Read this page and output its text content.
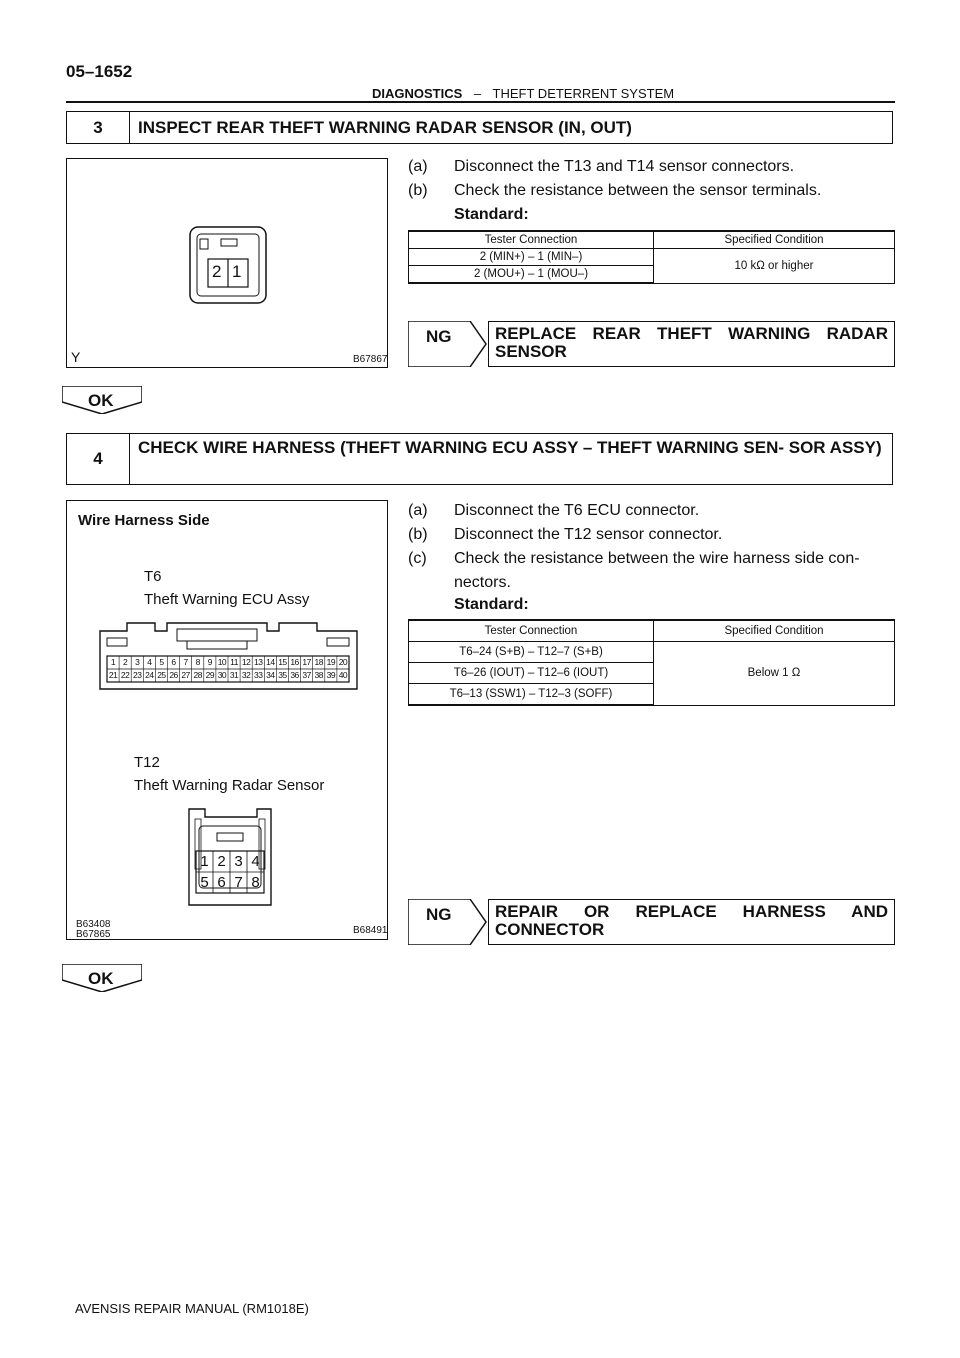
05–1652
DIAGNOSTICS – THEFT DETERRENT SYSTEM
3	INSPECT REAR THEFT WARNING RADAR SENSOR (IN, OUT)
2 1
Y	B67867
(a) Disconnect the T13 and T14 sensor connectors.
(b) Check the resistance between the sensor terminals.
Standard:
Tester Connection	Specified Condition
2 (MIN+) – 1 (MIN–)	10 kΩ or higher
2 (MOU+) – 1 (MOU–)	
NG	REPLACE REAR THEFT WARNING RADAR SENSOR
OK
4
CHECK WIRE HARNESS (THEFT WARNING ECU ASSY – THEFT WARNING SEN- SOR ASSY)
Wire Harness Side
T6
Theft Warning ECU Assy
1 2 3 4 5 6 7 8 9 10 11 12 13 14 15 16 17 18 19 20
21 22 23 24 25 26 27 28 29 30 31 32 33 34 35 36 37 38 39 40
1 2 3 4
5 6 7 8
T12
Theft Warning Radar Sensor
B63408
B67865	B68491
(a) Disconnect the T6 ECU connector.
(b) Disconnect the T12 sensor connector.
(c) Check the resistance between the wire harness side con-
nectors.
Standard:
Tester Connection	Specified Condition
T6–24 (S+B) – T12–7 (S+B)	Below 1 Ω
T6–26 (IOUT) – T12–6 (IOUT)	
T6–13 (SSW1) – T12–3 (SOFF)	
NG	REPAIR OR REPLACE HARNESS AND CONNECTOR
OK
AVENSIS REPAIR MANUAL (RM1018E)
